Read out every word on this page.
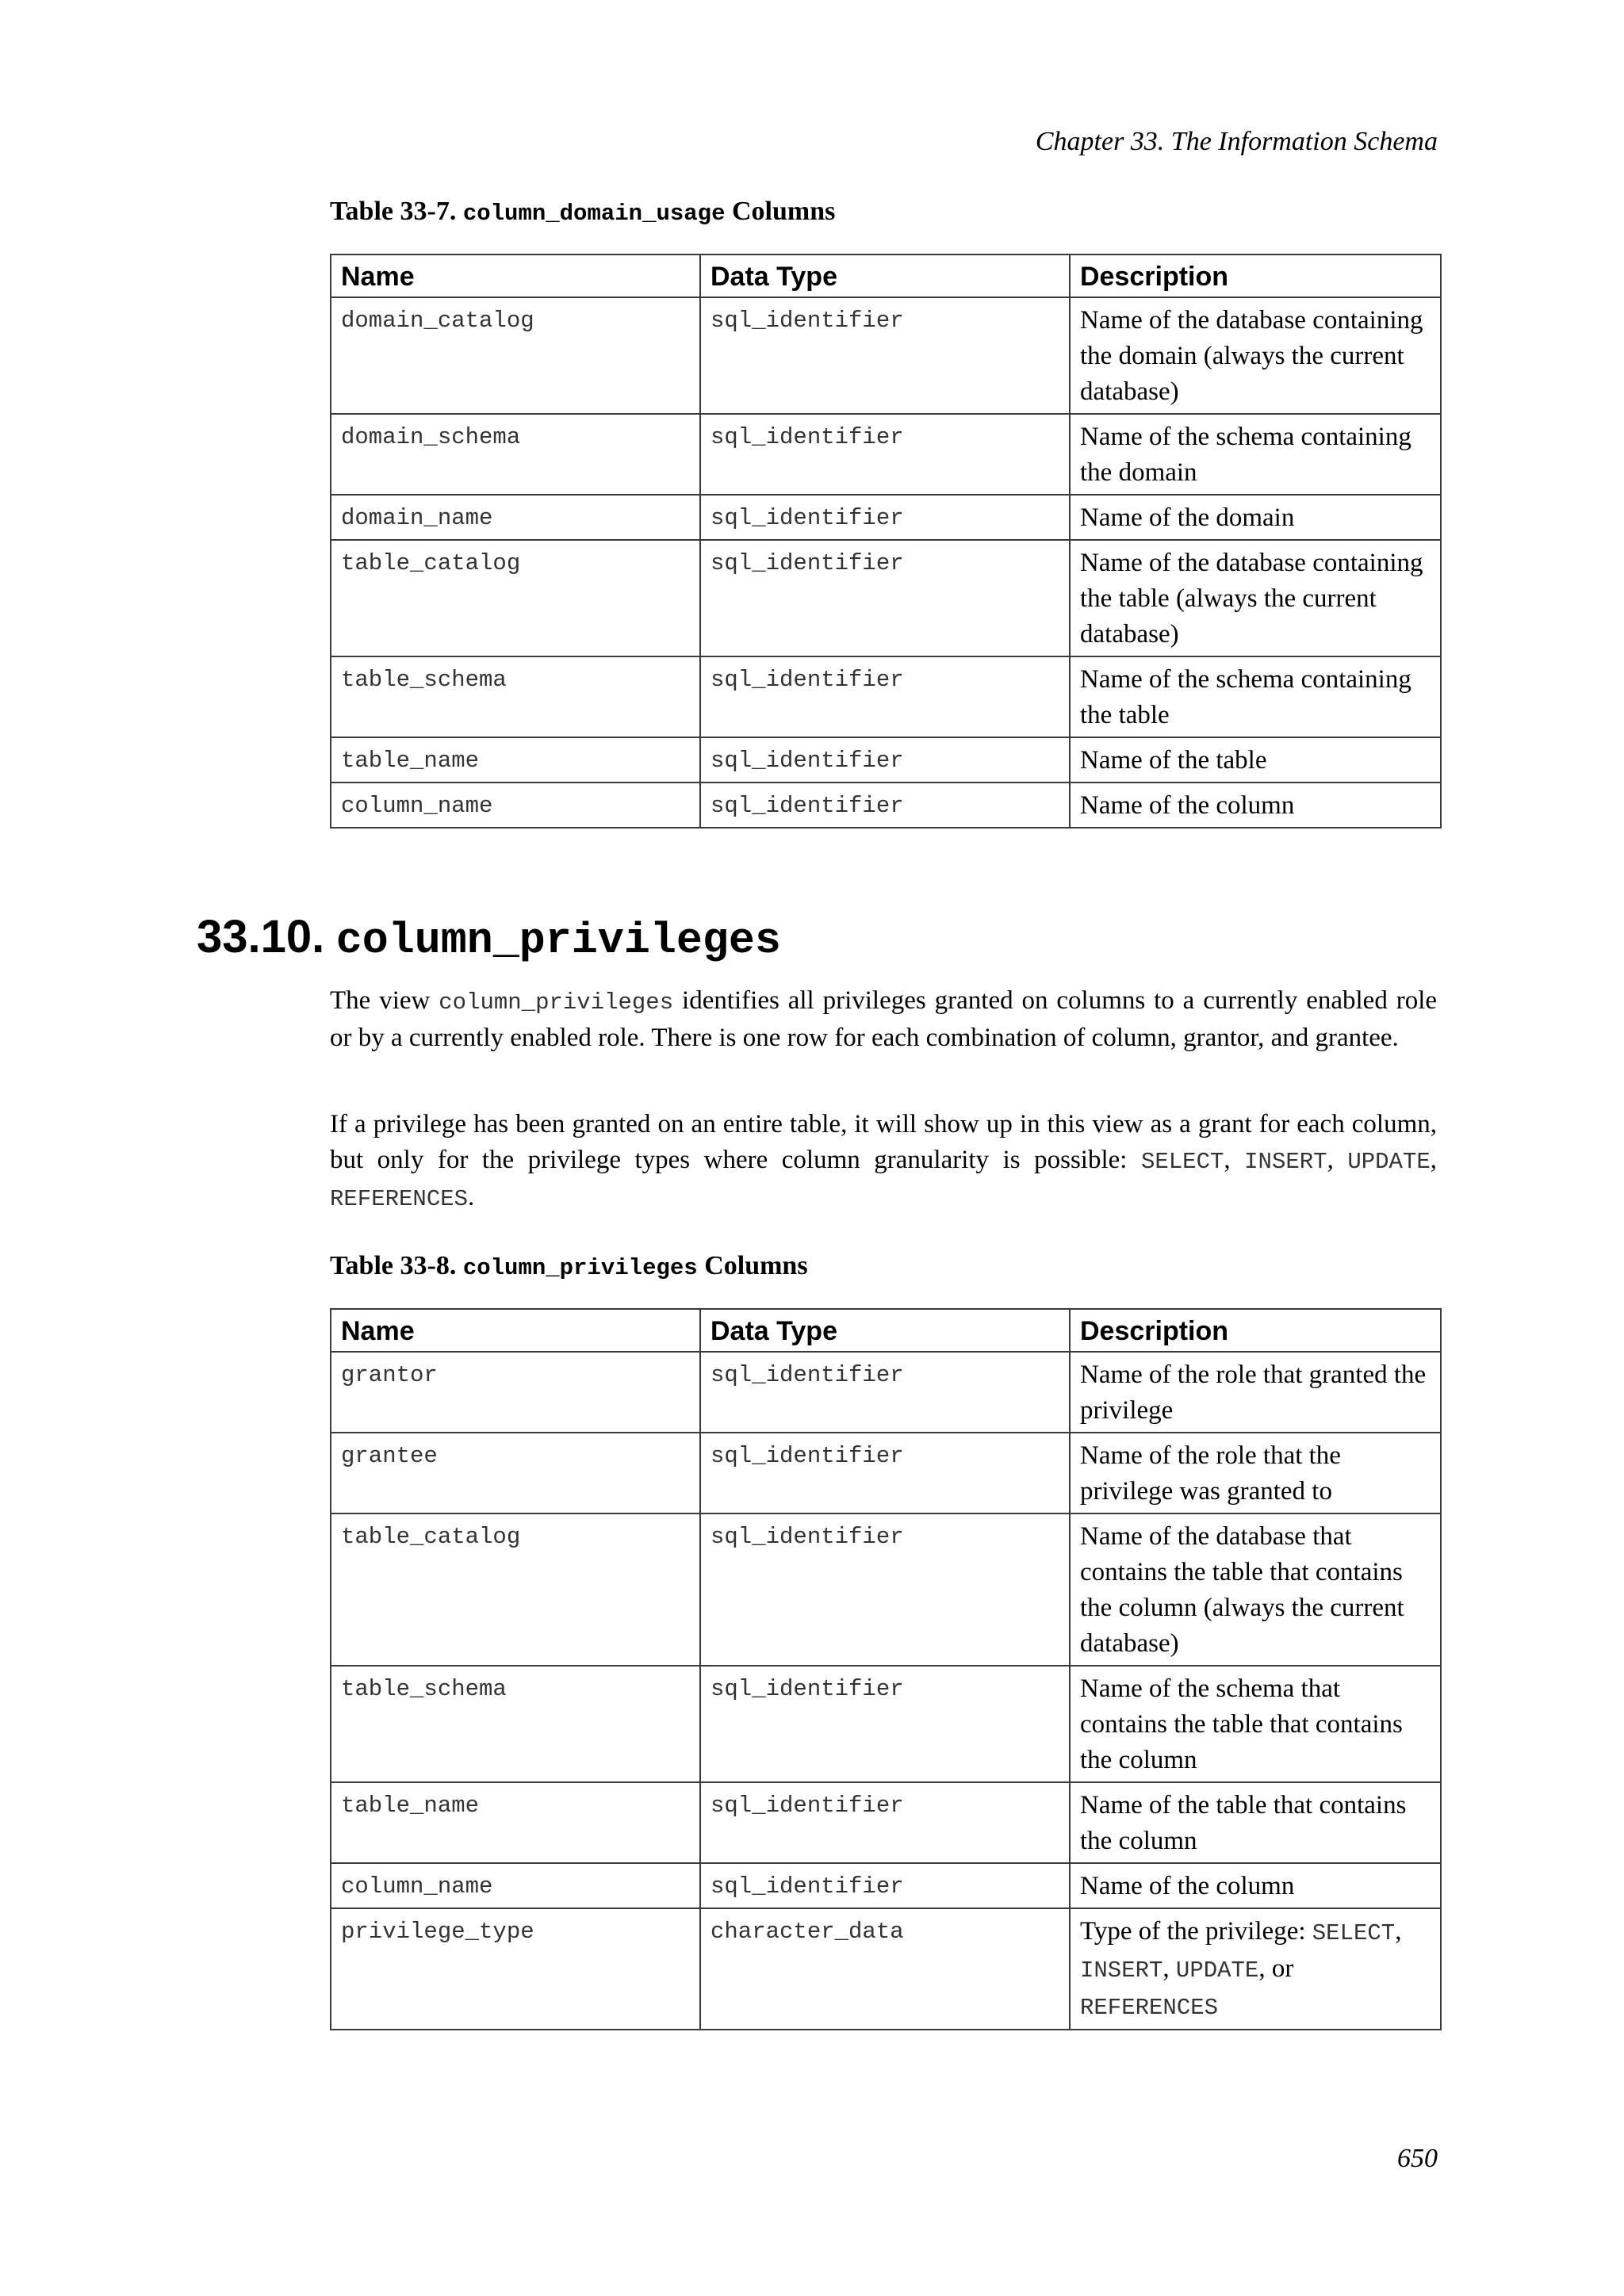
Chapter 33. The Information Schema
Table 33-7. column_domain_usage Columns
Name	Data Type	Description
domain_catalog	sql_identifier	Name of the database containing the domain (always the current database)
domain_schema	sql_identifier	Name of the schema containing the domain
domain_name	sql_identifier	Name of the domain
table_catalog	sql_identifier	Name of the database containing the table (always the current database)
table_schema	sql_identifier	Name of the schema containing the table
table_name	sql_identifier	Name of the table
column_name	sql_identifier	Name of the column
33.10. column_privileges

The view column_privileges identifies all privileges granted on columns to a currently enabled role or by a currently enabled role. There is one row for each combination of column, grantor, and grantee.

If a privilege has been granted on an entire table, it will show up in this view as a grant for each column, but only for the privilege types where column granularity is possible: SELECT, INSERT, UPDATE, REFERENCES.

Table 33-8. column_privileges Columns
Name	Data Type	Description
grantor	sql_identifier	Name of the role that granted the privilege
grantee	sql_identifier	Name of the role that the privilege was granted to
table_catalog	sql_identifier	Name of the database that contains the table that contains the column (always the current database)
table_schema	sql_identifier	Name of the schema that contains the table that contains the column
table_name	sql_identifier	Name of the table that contains the column
column_name	sql_identifier	Name of the column
privilege_type	character_data	Type of the privilege: SELECT, INSERT, UPDATE, or REFERENCES
650
